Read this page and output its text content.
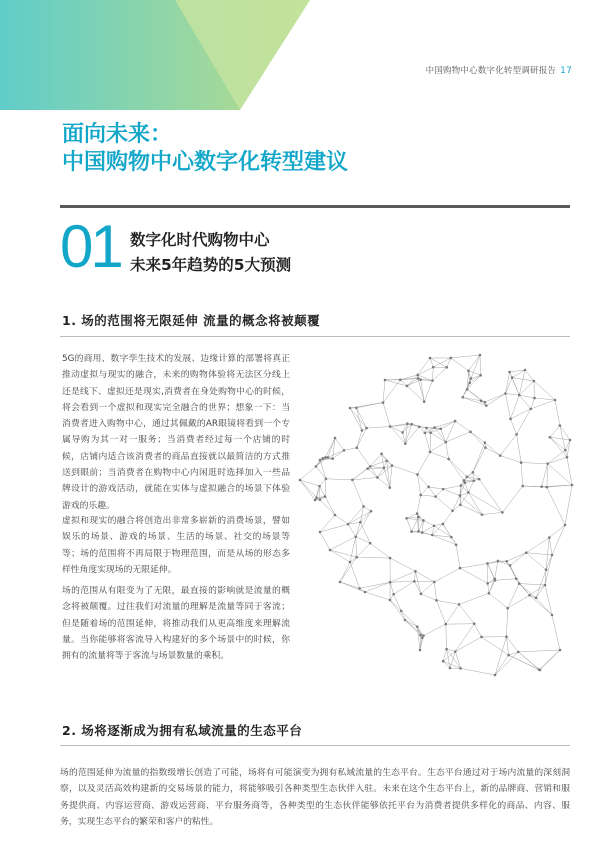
中国购物中心数字化转型调研报告 17
面向未来：
中国购物中心数字化转型建议
01 数字化时代购物中心
未来5年趋势的5大预测
1. 场的范围将无限延伸 流量的概念将被颠覆

5G的商用、数字孪生技术的发展、边缘计算的部署将真正推动虚拟与现实的融合，未来的购物体验将无法区分线上还是线下、虚拟还是现实,消费者在身处购物中心的时候，将会看到一个虚拟和现实完全融合的世界；想象一下：当消费者进入购物中心，通过其佩戴的AR眼镜将看到一个专属导购为其一对一服务；当消费者经过每一个店铺的时候，店铺内适合该消费者的商品直接就以最简洁的方式推送到眼前；当消费者在购物中心内闲逛时选择加入一些品牌设计的游戏活动，就能在实体与虚拟融合的场景下体验游戏的乐趣。

虚拟和现实的融合将创造出非常多崭新的消费场景，譬如娱乐的场景、游戏的场景、生活的场景、社交的场景等等；场的范围将不再局限于物理范围，而是从场的形态多样性角度实现场的无限延伸。

场的范围从有限变为了无限，最直接的影响就是流量的概念将被颠覆。过往我们对流量的理解是流量等同于客流；但是随着场的范围延伸，将推动我们从更高维度来理解流量。当你能够将客流导入构建好的多个场景中的时候，你拥有的流量将等于客流与场景数量的乘积。

2. 场将逐渐成为拥有私域流量的生态平台

场的范围延伸为流量的指数级增长创造了可能，场将有可能演变为拥有私域流量的生态平台。生态平台通过对于场内流量的深刻洞察，以及灵活高效构建新的交易场景的能力，将能够吸引各种类型生态伙伴入驻。未来在这个生态平台上，新的品牌商、营销和服务提供商、内容运营商、游戏运营商、平台服务商等，各种类型的生态伙伴能够依托平台为消费者提供多样化的商品、内容、服务，实现生态平台的繁荣和客户的粘性。
